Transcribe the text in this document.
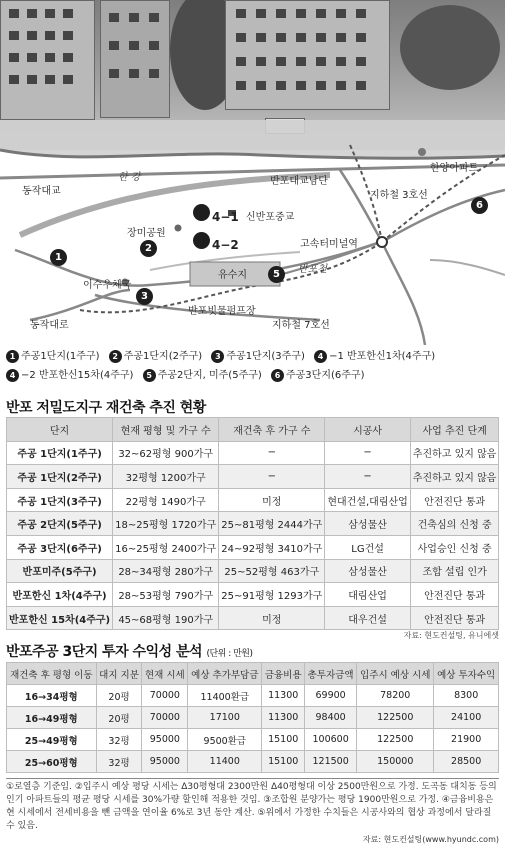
한 강
동작대교
반포대교남단
한양아파트
지하철 3호선
장미공원
신반포중교
고속터미널역
이수우체국
유수지
반포천
반포빗물펌프장
지하철 7호선
동작대로
1
2
3
5
6
4−1
4−2
1 주공1단지(1주구) 2 주공1단지(2주구) 3 주공1단지(3주구) 4 −1 반포한신1차(4주구) 4 −2 반포한신15차(4주구) 5 주공2단지, 미주(5주구) 6 주공3단지(6주구)
반포 저밀도지구 재건축 추진 현황
단지	현재 평형 및 가구 수	재건축 후 가구 수	시공사	사업 추진 단계
주공 1단지(1주구)	32~62평형 900가구	−	−	추진하고 있지 않음
주공 1단지(2주구)	32평형 1200가구	−	−	추진하고 있지 않음
주공 1단지(3주구)	22평형 1490가구	미정	현대건설,대림산업	안전진단 통과
주공 2단지(5주구)	18~25평형 1720가구	25~81평형 2444가구	삼성물산	건축심의 신청 중
주공 3단지(6주구)	16~25평형 2400가구	24~92평형 3410가구	LG건설	사업승인 신청 중
반포미주(5주구)	28~34평형 280가구	25~52평형 463가구	삼성물산	조합 설립 인가
반포한신 1차(4주구)	28~53평형 790가구	25~91평형 1293가구	대림산업	안전진단 통과
반포한신 15차(4주구)	45~68평형 190가구	미정	대우건설	안전진단 통과
자료: 현도컨설팅, 유니에셋
반포주공 3단지 투자 수익성 분석 (단위 : 만원)
재건축 후 평형 이동	대지 지분	현재 시세	예상 추가부담금	금융비용	총투자금액	입주시 예상 시세	예상 투자수익
16→34평형	20평	70000	11400환급	11300	69900	78200	8300
16→49평형	20평	70000	17100	11300	98400	122500	24100
25→49평형	32평	95000	9500환급	15100	100600	122500	21900
25→60평형	32평	95000	11400	15100	121500	150000	28500
①로열층 기준임. ②입주시 예상 평당 시세는 Δ30평형대 2300만원 Δ40평형대 이상 2500만원으로 가정. 도곡동 대치동 등의 인기 아파트들의 평균 평당 시세를 30%가량 할인해 적용한 것임. ③조합원 분양가는 평당 1900만원으로 가정. ④금융비용은 현 시세에서 전세비용을 뺀 금액을 연이율 6%로 3년 동안 계산. ⑤위에서 가정한 수치들은 시공사와의 협상 과정에서 달라질 수 있음.
자료: 현도컨설팅(www.hyundc.com)
